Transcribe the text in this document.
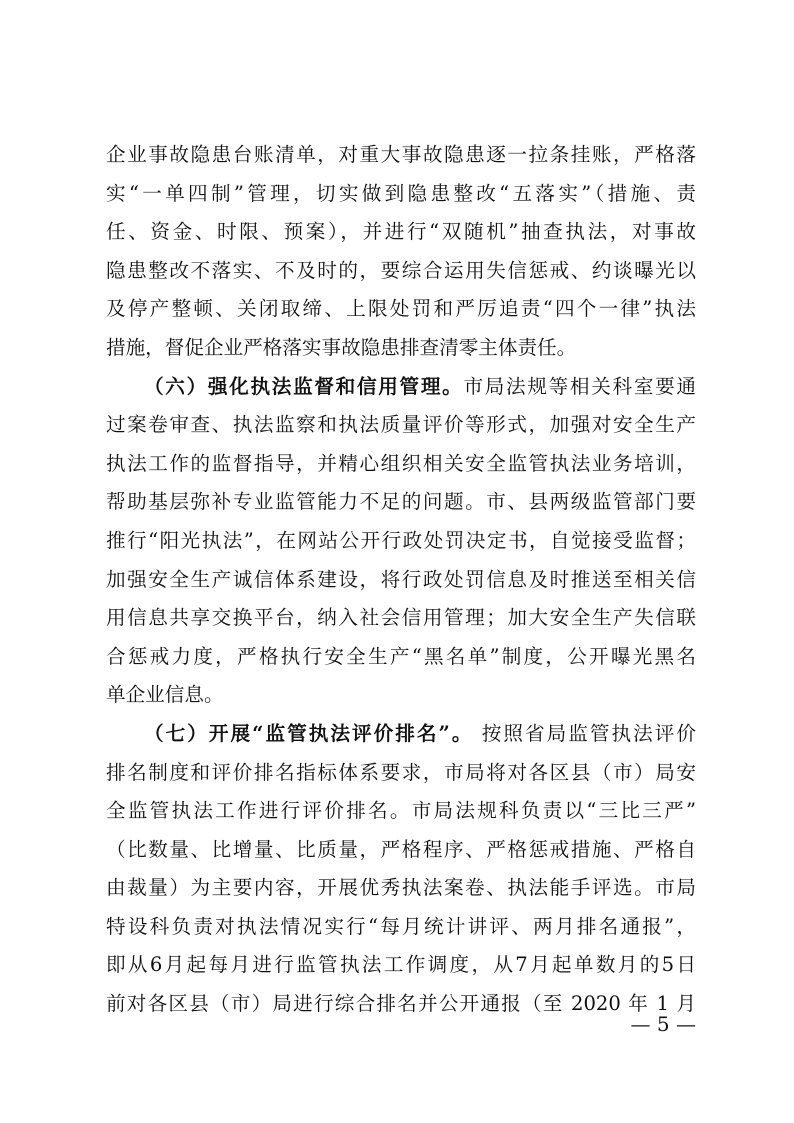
企业事故隐患台账清单，对重大事故隐患逐一拉条挂账，严格落
实“一单四制”管理，切实做到隐患整改“五落实”（措施、责
任、资金、时限、预案），并进行“双随机”抽查执法，对事故
隐患整改不落实、不及时的，要综合运用失信惩戒、约谈曝光以
及停产整顿、关闭取缔、上限处罚和严厉追责“四个一律”执法
措施，督促企业严格落实事故隐患排查清零主体责任。
（六）强化执法监督和信用管理。市局法规等相关科室要通
过案卷审查、执法监察和执法质量评价等形式，加强对安全生产
执法工作的监督指导，并精心组织相关安全监管执法业务培训，
帮助基层弥补专业监管能力不足的问题。市、县两级监管部门要
推行“阳光执法”，在网站公开行政处罚决定书，自觉接受监督；
加强安全生产诚信体系建设，将行政处罚信息及时推送至相关信
用信息共享交换平台，纳入社会信用管理；加大安全生产失信联
合惩戒力度，严格执行安全生产“黑名单”制度，公开曝光黑名
单企业信息。
（七）开展“监管执法评价排名”。 按照省局监管执法评价
排名制度和评价排名指标体系要求，市局将对各区县（市）局安
全监管执法工作进行评价排名。市局法规科负责以“三比三严”
（比数量、比增量、比质量，严格程序、严格惩戒措施、严格自
由裁量）为主要内容，开展优秀执法案卷、执法能手评选。市局
特设科负责对执法情况实行“每月统计讲评、两月排名通报”，
即从6月起每月进行监管执法工作调度，从7月起单数月的5日
前对各区县（市）局进行综合排名并公开通报（至 2020 年 1 月
— 5 —
